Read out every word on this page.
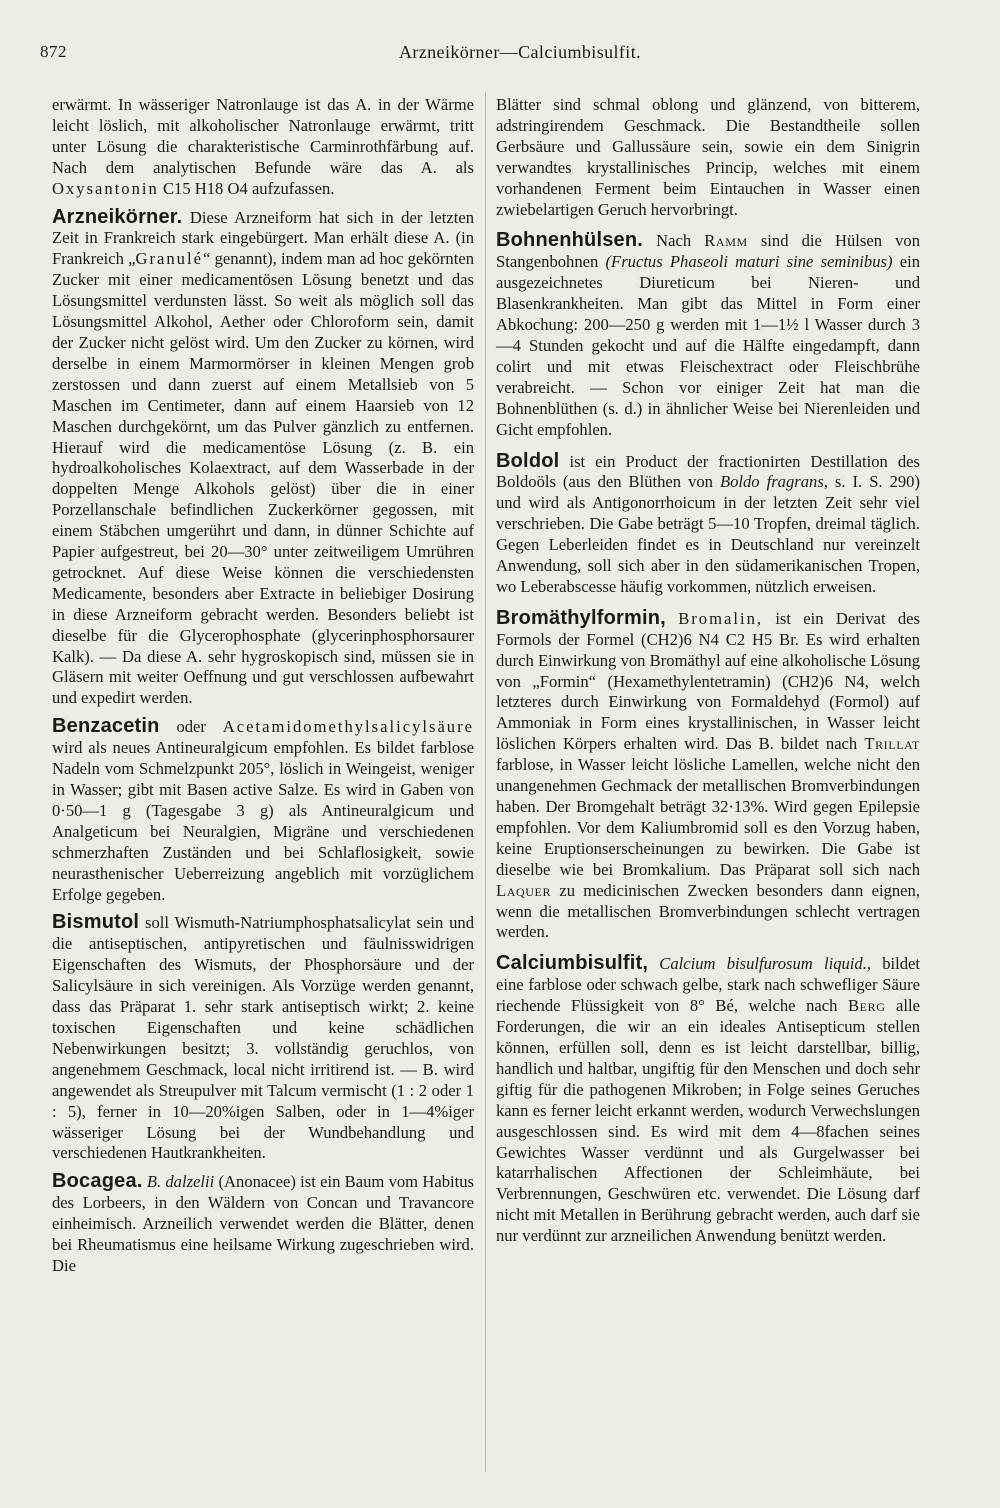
872	Arzneikörner—Calciumbisulfit.

erwärmt. In wässeriger Natronlauge ist das A. in der Wärme leicht löslich, mit alkoholischer Natronlauge erwärmt, tritt unter Lösung die charakteristische Carminrothfärbung auf. Nach dem analytischen Befunde wäre das A. als Oxysantonin C15 H18 O4 aufzufassen.

Arzneikörner. Diese Arzneiform hat sich in der letzten Zeit in Frankreich stark eingebürgert. Man erhält diese A. (in Frankreich „Granulé“ genannt), indem man ad hoc gekörnten Zucker mit einer medicamentösen Lösung benetzt und das Lösungsmittel verdunsten lässt. So weit als möglich soll das Lösungsmittel Alkohol, Aether oder Chloroform sein, damit der Zucker nicht gelöst wird. Um den Zucker zu körnen, wird derselbe in einem Marmormörser in kleinen Mengen grob zerstossen und dann zuerst auf einem Metallsieb von 5 Maschen im Centimeter, dann auf einem Haarsieb von 12 Maschen durchgekörnt, um das Pulver gänzlich zu entfernen. Hierauf wird die medicamentöse Lösung (z. B. ein hydroalkoholisches Kolaextract, auf dem Wasserbade in der doppelten Menge Alkohols gelöst) über die in einer Porzellanschale befindlichen Zuckerkörner gegossen, mit einem Stäbchen umgerührt und dann, in dünner Schichte auf Papier aufgestreut, bei 20—30° unter zeitweiligem Umrühren getrocknet. Auf diese Weise können die verschiedensten Medicamente, besonders aber Extracte in beliebiger Dosirung in diese Arzneiform gebracht werden. Besonders beliebt ist dieselbe für die Glycerophosphate (glycerinphosphorsaurer Kalk). — Da diese A. sehr hygroskopisch sind, müssen sie in Gläsern mit weiter Oeffnung und gut verschlossen aufbewahrt und expedirt werden.

Benzacetin oder Acetamidomethylsalicylsäure wird als neues Antineuralgicum empfohlen. Es bildet farblose Nadeln vom Schmelzpunkt 205°, löslich in Weingeist, weniger in Wasser; gibt mit Basen active Salze. Es wird in Gaben von 0·50—1 g (Tagesgabe 3 g) als Antineuralgicum und Analgeticum bei Neuralgien, Migräne und verschiedenen schmerzhaften Zuständen und bei Schlaflosigkeit, sowie neurasthenischer Ueberreizung angeblich mit vorzüglichem Erfolge gegeben.

Bismutol soll Wismuth-Natriumphosphatsalicylat sein und die antiseptischen, antipyretischen und fäulnisswidrigen Eigenschaften des Wismuts, der Phosphorsäure und der Salicylsäure in sich vereinigen. Als Vorzüge werden genannt, dass das Präparat 1. sehr stark antiseptisch wirkt; 2. keine toxischen Eigenschaften und keine schädlichen Nebenwirkungen besitzt; 3. vollständig geruchlos, von angenehmem Geschmack, local nicht irritirend ist. — B. wird angewendet als Streupulver mit Talcum vermischt (1 : 2 oder 1 : 5), ferner in 10—20%igen Salben, oder in 1—4%iger wässeriger Lösung bei der Wundbehandlung und verschiedenen Hautkrankheiten.

Bocagea. B. dalzelii (Anonacee) ist ein Baum vom Habitus des Lorbeers, in den Wäldern von Concan und Travancore einheimisch. Arzneilich verwendet werden die Blätter, denen bei Rheumatismus eine heilsame Wirkung zugeschrieben wird. Die

Blätter sind schmal oblong und glänzend, von bitterem, adstringirendem Geschmack. Die Bestandtheile sollen Gerbsäure und Gallussäure sein, sowie ein dem Sinigrin verwandtes krystallinisches Princip, welches mit einem vorhandenen Ferment beim Eintauchen in Wasser einen zwiebelartigen Geruch hervorbringt.

Bohnenhülsen. Nach Ramm sind die Hülsen von Stangenbohnen (Fructus Phaseoli maturi sine seminibus) ein ausgezeichnetes Diureticum bei Nieren- und Blasenkrankheiten. Man gibt das Mittel in Form einer Abkochung: 200—250 g werden mit 1—1½ l Wasser durch 3—4 Stunden gekocht und auf die Hälfte eingedampft, dann colirt und mit etwas Fleischextract oder Fleischbrühe verabreicht. — Schon vor einiger Zeit hat man die Bohnenblüthen (s. d.) in ähnlicher Weise bei Nierenleiden und Gicht empfohlen.

Boldol ist ein Product der fractionirten Destillation des Boldoöls (aus den Blüthen von Boldo fragrans, s. I. S. 290) und wird als Antigonorrhoicum in der letzten Zeit sehr viel verschrieben. Die Gabe beträgt 5—10 Tropfen, dreimal täglich. Gegen Leberleiden findet es in Deutschland nur vereinzelt Anwendung, soll sich aber in den südamerikanischen Tropen, wo Leberabscesse häufig vorkommen, nützlich erweisen.

Bromäthylformin, Bromalin, ist ein Derivat des Formols der Formel (CH2)6 N4 C2 H5 Br. Es wird erhalten durch Einwirkung von Bromäthyl auf eine alkoholische Lösung von „Formin“ (Hexamethylentetramin) (CH2)6 N4, welch letzteres durch Einwirkung von Formaldehyd (Formol) auf Ammoniak in Form eines krystallinischen, in Wasser leicht löslichen Körpers erhalten wird. Das B. bildet nach Trillat farblose, in Wasser leicht lösliche Lamellen, welche nicht den unangenehmen Gechmack der metallischen Bromverbindungen haben. Der Bromgehalt beträgt 32·13%. Wird gegen Epilepsie empfohlen. Vor dem Kaliumbromid soll es den Vorzug haben, keine Eruptionserscheinungen zu bewirken. Die Gabe ist dieselbe wie bei Bromkalium. Das Präparat soll sich nach Laquer zu medicinischen Zwecken besonders dann eignen, wenn die metallischen Bromverbindungen schlecht vertragen werden.

Calciumbisulfit, Calcium bisulfurosum liquid., bildet eine farblose oder schwach gelbe, stark nach schwefliger Säure riechende Flüssigkeit von 8° Bé, welche nach Berg alle Forderungen, die wir an ein ideales Antisepticum stellen können, erfüllen soll, denn es ist leicht darstellbar, billig, handlich und haltbar, ungiftig für den Menschen und doch sehr giftig für die pathogenen Mikroben; in Folge seines Geruches kann es ferner leicht erkannt werden, wodurch Verwechslungen ausgeschlossen sind. Es wird mit dem 4—8fachen seines Gewichtes Wasser verdünnt und als Gurgelwasser bei katarrhalischen Affectionen der Schleimhäute, bei Verbrennungen, Geschwüren etc. verwendet. Die Lösung darf nicht mit Metallen in Berührung gebracht werden, auch darf sie nur verdünnt zur arzneilichen Anwendung benützt werden.
